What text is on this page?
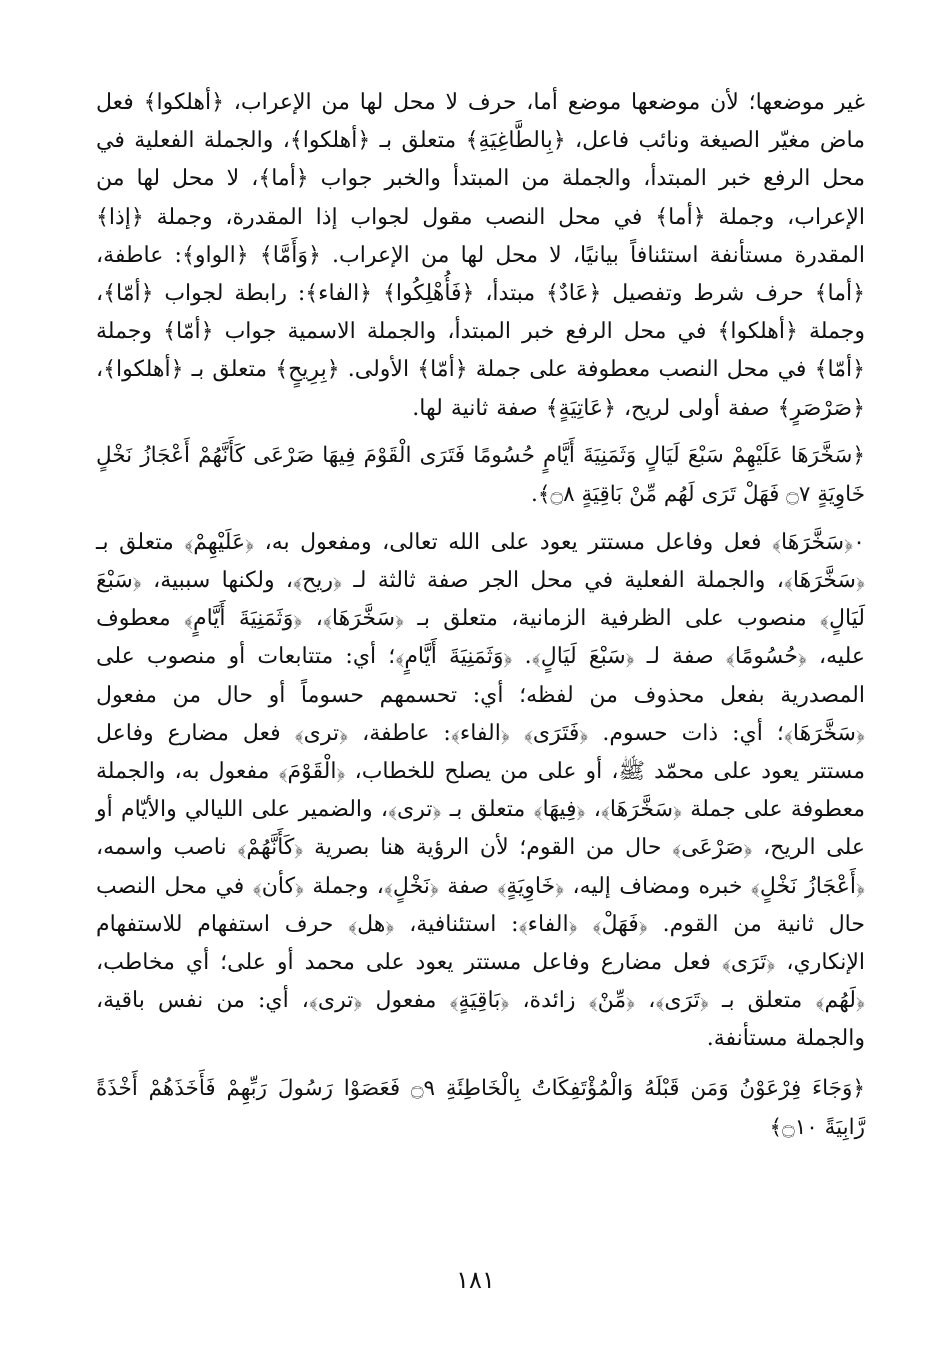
غير موضعها؛ لأن موضعها موضع أما، حرف لا محل لها من الإعراب، ﴿أهلكوا﴾ فعل ماض مغيّر الصيغة ونائب فاعل، ﴿بِالطَّاغِيَةِ﴾ متعلق بـ ﴿أهلكوا﴾، والجملة الفعلية في محل الرفع خبر المبتدأ، والجملة من المبتدأ والخبر جواب ﴿أما﴾، لا محل لها من الإعراب، وجملة ﴿أما﴾ في محل النصب مقول لجواب إذا المقدرة، وجملة ﴿إذا﴾ المقدرة مستأنفة استئنافاً بيانيًا، لا محل لها من الإعراب. ﴿وَأَمَّا﴾ ﴿الواو﴾: عاطفة، ﴿أما﴾ حرف شرط وتفصيل ﴿عَادٌ﴾ مبتدأ، ﴿فَأُهْلِكُوا﴾ ﴿الفاء﴾: رابطة لجواب ﴿أمّا﴾، وجملة ﴿أهلكوا﴾ في محل الرفع خبر المبتدأ، والجملة الاسمية جواب ﴿أمّا﴾ وجملة ﴿أمّا﴾ في محل النصب معطوفة على جملة ﴿أمّا﴾ الأولى. ﴿بِرِيحٍ﴾ متعلق بـ ﴿أهلكوا﴾، ﴿صَرْصَرٍ﴾ صفة أولى لريح، ﴿عَاتِيَةٍ﴾ صفة ثانية لها.

﴿سَخَّرَهَا عَلَيْهِمْ سَبْعَ لَيَالٍ وَثَمَنِيَةَ أَيَّامٍ حُسُومًا فَتَرَى الْقَوْمَ فِيهَا صَرْعَى كَأَنَّهُمْ أَعْجَازُ نَخْلٍ خَاوِيَةٍ ۝٧ فَهَلْ تَرَى لَهُم مِّنْ بَاقِيَةٍ ۝٨﴾.

٠﴿سَخَّرَهَا﴾ فعل وفاعل مستتر يعود على الله تعالى، ومفعول به، ﴿عَلَيْهِمْ﴾ متعلق بـ ﴿سَخَّرَهَا﴾، والجملة الفعلية في محل الجر صفة ثالثة لـ ﴿ريح﴾، ولكنها سببية، ﴿سَبْعَ لَيَالٍ﴾ منصوب على الظرفية الزمانية، متعلق بـ ﴿سَخَّرَهَا﴾، ﴿وَثَمَنِيَةَ أَيَّامٍ﴾ معطوف عليه، ﴿حُسُومًا﴾ صفة لـ ﴿سَبْعَ لَيَالٍ﴾. ﴿وَثَمَنِيَةَ أَيَّامٍ﴾؛ أي: متتابعات أو منصوب على المصدرية بفعل محذوف من لفظه؛ أي: تحسمهم حسوماً أو حال من مفعول ﴿سَخَّرَهَا﴾؛ أي: ذات حسوم. ﴿فَتَرَى﴾ ﴿الفاء﴾: عاطفة، ﴿ترى﴾ فعل مضارع وفاعل مستتر يعود على محمّد ﷺ، أو على من يصلح للخطاب، ﴿الْقَوْمَ﴾ مفعول به، والجملة معطوفة على جملة ﴿سَخَّرَهَا﴾، ﴿فِيهَا﴾ متعلق بـ ﴿ترى﴾، والضمير على الليالي والأيّام أو على الريح، ﴿صَرْعَى﴾ حال من القوم؛ لأن الرؤية هنا بصرية ﴿كَأَنَّهُمْ﴾ ناصب واسمه، ﴿أَعْجَازُ نَخْلٍ﴾ خبره ومضاف إليه، ﴿خَاوِيَةٍ﴾ صفة ﴿نَخْلٍ﴾، وجملة ﴿كأن﴾ في محل النصب حال ثانية من القوم. ﴿فَهَلْ﴾ ﴿الفاء﴾: استئنافية، ﴿هل﴾ حرف استفهام للاستفهام الإنكاري، ﴿تَرَى﴾ فعل مضارع وفاعل مستتر يعود على محمد أو على؛ أي مخاطب، ﴿لَهُم﴾ متعلق بـ ﴿تَرَى﴾، ﴿مِّنْ﴾ زائدة، ﴿بَاقِيَةٍ﴾ مفعول ﴿ترى﴾، أي: من نفس باقية، والجملة مستأنفة.

﴿وَجَاءَ فِرْعَوْنُ وَمَن قَبْلَهُ وَالْمُؤْتَفِكَاتُ بِالْخَاطِئَةِ ۝٩ فَعَصَوْا رَسُولَ رَبِّهِمْ فَأَخَذَهُمْ أَخْذَةً رَّابِيَةً ۝١٠﴾

١٨١
